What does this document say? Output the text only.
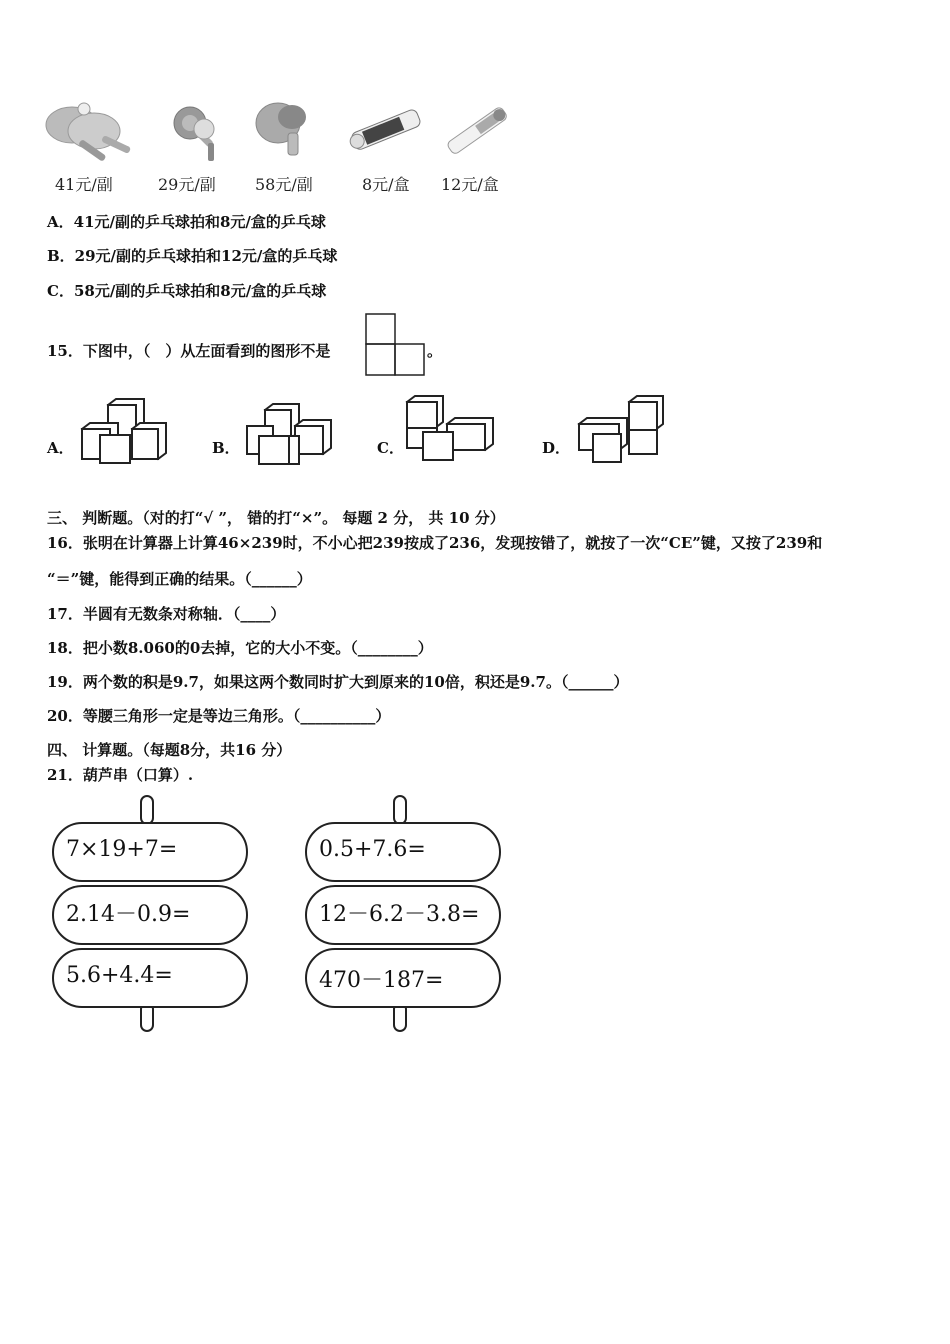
41元/副	29元/副 58元/副	8元/盒 12元/盒
A．41元/副的乒乓球拍和8元/盒的乒乓球
B．29元/副的乒乓球拍和12元/盒的乒乓球
C．58元/副的乒乓球拍和8元/盒的乒乓球
15．下图中，（　）从左面看到的图形不是	。
A．	B．	C．	D．
三、 判断题。（对的打“√ ”， 错的打“×”。 每题 2 分， 共 10 分）
16．张明在计算器上计算46×239时，不小心把239按成了236，发现按错了，就按了一次“CE”键，又按了239和
“＝”键，能得到正确的结果。（______）
17．半圆有无数条对称轴．（____）
18．把小数8.060的0去掉，它的大小不变。（________）
19．两个数的积是9.7，如果这两个数同时扩大到原来的10倍，积还是9.7。（______）
20．等腰三角形一定是等边三角形。（__________）
四、 计算题。（每题8分，共16 分）
21．葫芦串（口算）.
7×19+7=
2.14－0.9=
5.6+4.4=
0.5+7.6=
12－6.2－3.8=
470－187=
